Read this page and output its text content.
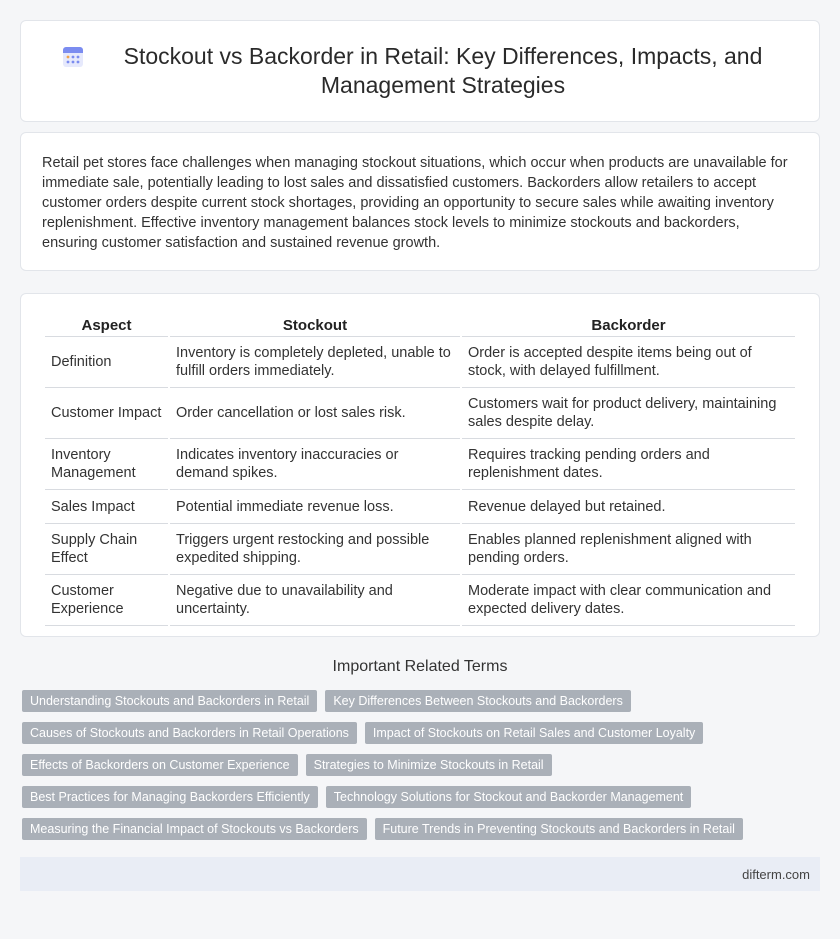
Stockout vs Backorder in Retail: Key Differences, Impacts, and Management Strategies

Retail pet stores face challenges when managing stockout situations, which occur when products are unavailable for immediate sale, potentially leading to lost sales and dissatisfied customers. Backorders allow retailers to accept customer orders despite current stock shortages, providing an opportunity to secure sales while awaiting inventory replenishment. Effective inventory management balances stock levels to minimize stockouts and backorders, ensuring customer satisfaction and sustained revenue growth.

Aspect	Stockout	Backorder
Definition	Inventory is completely depleted, unable to fulfill orders immediately.	Order is accepted despite items being out of stock, with delayed fulfillment.
Customer Impact	Order cancellation or lost sales risk.	Customers wait for product delivery, maintaining sales despite delay.
Inventory Management	Indicates inventory inaccuracies or demand spikes.	Requires tracking pending orders and replenishment dates.
Sales Impact	Potential immediate revenue loss.	Revenue delayed but retained.
Supply Chain Effect	Triggers urgent restocking and possible expedited shipping.	Enables planned replenishment aligned with pending orders.
Customer Experience	Negative due to unavailability and uncertainty.	Moderate impact with clear communication and expected delivery dates.
Important Related Terms
Understanding Stockouts and Backorders in Retail	Key Differences Between Stockouts and Backorders
Causes of Stockouts and Backorders in Retail Operations	Impact of Stockouts on Retail Sales and Customer Loyalty
Effects of Backorders on Customer Experience	Strategies to Minimize Stockouts in Retail
Best Practices for Managing Backorders Efficiently	Technology Solutions for Stockout and Backorder Management
Measuring the Financial Impact of Stockouts vs Backorders	Future Trends in Preventing Stockouts and Backorders in Retail
difterm.com
